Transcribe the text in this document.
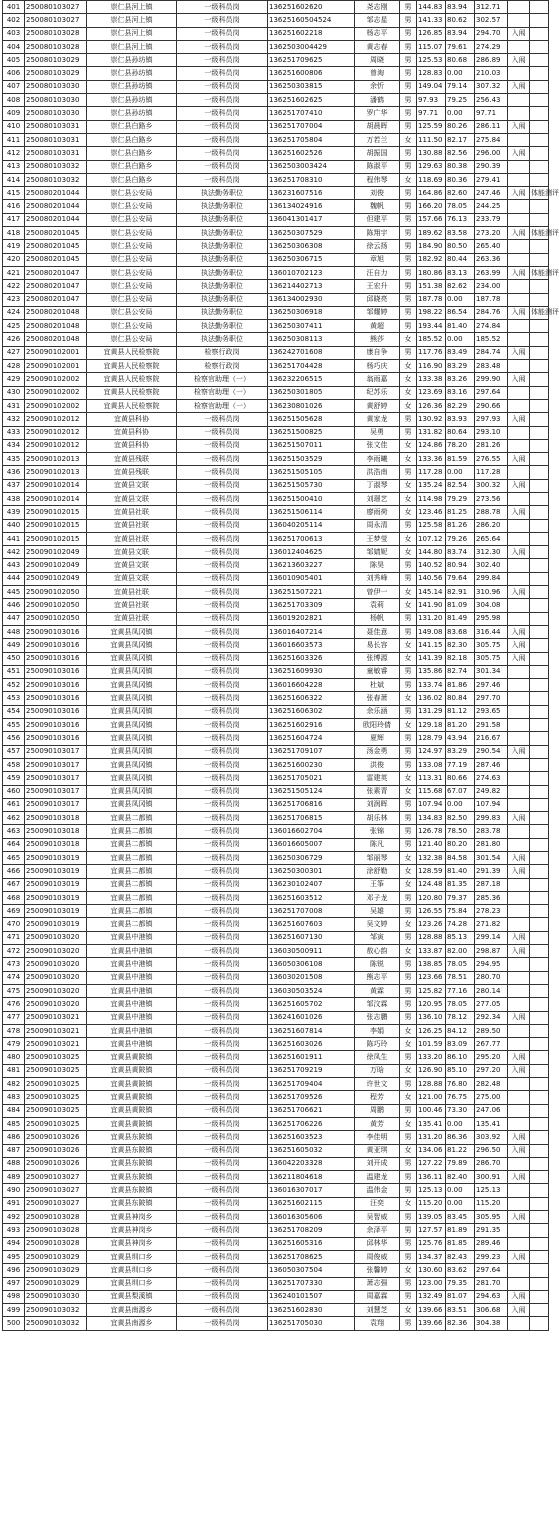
401	250080103027	崇仁县河上镇	一级科员岗	136251602620	尧志刚	男	144.83	83.94	312.71		
402	250080103027	崇仁县河上镇	一级科员岗	13625160504524	邹志星	男	141.33	80.62	302.57		
403	250080103028	崇仁县河上镇	一级科员岗	136251602218	杨志平	男	126.85	83.94	294.70	入闱	
404	250080103028	崇仁县河上镇	一级科员岗	1362503004429	黄志春	男	115.07	79.61	274.29		
405	250080103029	崇仁县孙坊镇	一级科员岗	136251709625	周晓	男	125.53	80.68	286.89	入闱	
406	250080103029	崇仁县孙坊镇	一级科员岗	136251600806	曾淘	男	128.83	0.00	210.03		
407	250080103030	崇仁县孙坊镇	一级科员岗	136250303815	余忻	男	149.04	79.14	307.32	入闱	
408	250080103030	崇仁县孙坊镇	一级科员岗	136251602625	潘鹤	男	97.93	79.25	256.43		
409	250080103030	崇仁县孙坊镇	一级科员岗	136251707410	罗广华	男	97.71	0.00	97.71		
410	250080103031	崇仁县白路乡	一级科员岗	136251707004	胡晨晖	男	125.59	80.26	286.11	入闱	
411	250080103031	崇仁县白路乡	一级科员岗	136251705804	万若兰	女	111.50	82.17	275.84		
412	250080103031	崇仁县白路乡	一级科员岗	136251602526	胡振国	男	130.88	82.56	296.00	入闱	
413	250080103032	崇仁县白路乡	一级科员岗	1362503003424	陈淑平	男	129.63	80.38	290.39		
414	250080103032	崇仁县白路乡	一级科员岗	136251708310	程伟琴	女	118.69	80.36	279.41		
415	250080201044	崇仁县公安局	执法勤务职位	136231607516	刘俊	男	164.86	82.60	247.46	入闱	体能测评
416	250080201044	崇仁县公安局	执法勤务职位	136134024916	魏帆	男	166.20	78.05	244.25		
417	250080201044	崇仁县公安局	执法勤务职位	136041301417	但建平	男	157.66	76.13	233.79		
418	250080201045	崇仁县公安局	执法勤务职位	136250307529	陈翔宇	男	189.62	83.58	273.20	入闱	体能测评
419	250080201045	崇仁县公安局	执法勤务职位	136250306308	徐云扬	男	184.90	80.50	265.40		
420	250080201045	崇仁县公安局	执法勤务职位	136250306715	章旭	男	182.92	80.44	263.36		
421	250080201047	崇仁县公安局	执法勤务职位	136010702123	汪自力	男	180.86	83.13	263.99	入闱	体能测评
422	250080201047	崇仁县公安局	执法勤务职位	136214402713	王宏升	男	151.38	82.62	234.00		
423	250080201047	崇仁县公安局	执法勤务职位	136134002930	邱晓亮	男	187.78	0.00	187.78		
424	250080201048	崇仁县公安局	执法勤务职位	136250306918	邹耀婷	男	198.22	86.54	284.76	入闱	体能测评
425	250080201048	崇仁县公安局	执法勤务职位	136250307411	黄超	男	193.44	81.40	274.84		
426	250080201048	崇仁县公安局	执法勤务职位	136250308113	熊莎	女	185.52	0.00	185.52		
427	250090102001	宜黄县人民检察院	检察行政岗	136242701608	康自争	男	117.76	83.49	284.74	入闱	
428	250090102001	宜黄县人民检察院	检察行政岗	136251704428	杨巧庆	女	116.90	83.29	283.48		
429	250090102002	宜黄县人民检察院	检察官助理（一）	136232206515	翁雨嘉	女	133.38	83.26	299.90	入闱	
430	250090102002	宜黄县人民检察院	检察官助理（一）	136250301805	纪苏乐	女	123.69	83.16	297.64		
431	250090102002	宜黄县人民检察院	检察官助理（一）	136230801026	黄舒婷	女	126.36	82.29	290.66		
432	250090102012	宜黄县科协	一级科员岗	136251505628	黄家龙	男	130.92	83.93	297.93	入闱	
433	250090102012	宜黄县科协	一级科员岗	136251500825	吴勇	男	131.82	80.64	293.10		
434	250090102012	宜黄县科协	一级科员岗	136251507011	张文佳	女	124.86	78.20	281.26		
435	250090102013	宜黄县残联	一级科员岗	136251503529	李雨曦	女	133.36	81.59	276.55	入闱	
436	250090102013	宜黄县残联	一级科员岗	136251505105	洪浩南	男	117.28	0.00	117.28		
437	250090102014	宜黄县文联	一级科员岗	136251505730	丁淑琴	女	135.24	82.54	300.32	入闱	
438	250090102014	宜黄县文联	一级科员岗	136251500410	刘璟艺	女	114.98	79.29	273.56		
439	250090102015	宜黄县社联	一级科员岗	136251506114	廖雨荷	女	123.46	81.25	288.78	入闱	
440	250090102015	宜黄县社联	一级科员岗	136040205114	周永清	男	125.58	81.26	286.20		
441	250090102015	宜黄县社联	一级科员岗	136251700613	王梦莹	女	107.12	79.26	265.64		
442	250090102049	宜黄县文联	一级科员岗	136012404625	邹婧妮	女	144.80	83.74	312.30	入闱	
443	250090102049	宜黄县文联	一级科员岗	136213603227	陈昊	男	140.52	80.94	302.40		
444	250090102049	宜黄县文联	一级科员岗	136010905401	刘秀峰	男	140.56	79.64	299.84		
445	250090102050	宜黄县社联	一级科员岗	136251507221	曾伊一	女	145.14	82.91	310.96	入闱	
446	250090102050	宜黄县社联	一级科员岗	136251703309	袁莉	女	141.90	81.09	304.08		
447	250090102050	宜黄县社联	一级科员岗	136019202821	杨帆	男	131.20	81.49	295.98		
448	250090103016	宜黄县凤冈镇	一级科员岗	136016407214	聂佳意	男	149.08	83.68	316.44	入闱	
449	250090103016	宜黄县凤冈镇	一级科员岗	136016603573	易长容	女	141.15	82.30	305.75	入闱	
450	250090103016	宜黄县凤冈镇	一级科员岗	136251603326	张博源	女	141.39	82.18	305.75	入闱	
451	250090103016	宜黄县凤冈镇	一级科员岗	136251609930	童敏睿	男	135.86	82.74	301.34		
452	250090103016	宜黄县凤冈镇	一级科员岗	136016604228	杜斌	男	133.74	81.86	297.46		
453	250090103016	宜黄县凤冈镇	一级科员岗	136251606322	张春萧	女	136.02	80.84	297.70		
454	250090103016	宜黄县凤冈镇	一级科员岗	136251606302	余乐涵	男	131.29	81.12	293.65		
455	250090103016	宜黄县凤冈镇	一级科员岗	136251602916	欧阳玲倩	女	129.18	81.20	291.58		
456	250090103016	宜黄县凤冈镇	一级科员岗	136251604724	夏辉	男	128.79	43.94	216.67		
457	250090103017	宜黄县凤冈镇	一级科员岗	136251709107	汤金勇	男	124.97	83.29	290.54	入闱	
458	250090103017	宜黄县凤冈镇	一级科员岗	136251600230	洪俊	男	133.08	77.19	287.46		
459	250090103017	宜黄县凤冈镇	一级科员岗	136251705021	雷建英	女	113.31	80.66	274.63		
460	250090103017	宜黄县凤冈镇	一级科员岗	136251505124	张素青	女	115.68	67.07	249.82		
461	250090103017	宜黄县凤冈镇	一级科员岗	136251706816	刘润晖	男	107.94	0.00	107.94		
462	250090103018	宜黄县二都镇	一级科员岗	136251706815	胡乐林	男	134.83	82.50	299.83	入闱	
463	250090103018	宜黄县二都镇	一级科员岗	136016602704	张锦	男	126.78	78.50	283.78		
464	250090103018	宜黄县二都镇	一级科员岗	136016605007	陈凡	男	121.40	80.20	281.80		
465	250090103019	宜黄县二都镇	一级科员岗	136250306729	邹丽琴	女	132.38	84.58	301.54	入闱	
466	250090103019	宜黄县二都镇	一级科员岗	136250300301	涂舒勒	女	128.59	81.40	291.39	入闱	
467	250090103019	宜黄县二都镇	一级科员岗	136230102407	王筝	女	124.48	81.35	287.18		
468	250090103019	宜黄县二都镇	一级科员岗	136251603512	邓子龙	男	120.80	79.37	285.36		
469	250090103019	宜黄县二都镇	一级科员岗	136251707008	吴雄	男	126.55	75.84	278.23		
470	250090103019	宜黄县二都镇	一级科员岗	136251607603	吴文婷	女	123.26	74.28	271.82		
471	250090103020	宜黄县中港镇	一级科员岗	136251607130	邹寅	男	128.88	85.13	299.14	入闱	
472	250090103020	宜黄县中港镇	一级科员岗	136030500911	敖心韵	女	133.87	82.00	298.87	入闱	
473	250090103020	宜黄县中港镇	一级科员岗	136050306108	陈锐	男	138.85	78.05	294.95		
474	250090103020	宜黄县中港镇	一级科员岗	136030201508	熊志平	男	123.66	78.51	280.70		
475	250090103020	宜黄县中港镇	一级科员岗	136030503524	黄霖	男	125.82	77.16	280.14		
476	250090103020	宜黄县中港镇	一级科员岗	136251605702	邹汶霖	男	120.95	78.05	277.05		
477	250090103021	宜黄县中港镇	一级科员岗	136241601026	张志鹏	男	136.10	78.12	292.34	入闱	
478	250090103021	宜黄县中港镇	一级科员岗	136251607814	李娟	女	126.25	84.12	289.50		
479	250090103021	宜黄县中港镇	一级科员岗	136251603026	陈巧玲	女	101.59	83.09	267.77		
480	250090103025	宜黄县黄陂镇	一级科员岗	136251601911	徐凤生	男	133.20	86.10	295.20	入闱	
481	250090103025	宜黄县黄陂镇	一级科员岗	136251709219	万晗	女	126.90	85.10	297.20	入闱	
482	250090103025	宜黄县黄陂镇	一级科员岗	136251709404	许世文	男	128.88	76.80	282.48		
483	250090103025	宜黄县黄陂镇	一级科员岗	136251709526	程芳	女	121.00	76.75	275.00		
484	250090103025	宜黄县黄陂镇	一级科员岗	136251706621	周鹏	男	100.46	73.30	247.06		
485	250090103025	宜黄县黄陂镇	一级科员岗	136251706226	黄芳	女	135.41	0.00	135.41		
486	250090103026	宜黄县东陂镇	一级科员岗	136251603523	李佳明	男	131.20	86.36	303.92	入闱	
487	250090103026	宜黄县东陂镇	一级科员岗	136251605032	黄亚琪	女	134.06	81.22	296.50	入闱	
488	250090103026	宜黄县东陂镇	一级科员岗	136042203328	刘开成	男	127.22	79.89	286.70		
489	250090103027	宜黄县东陂镇	一级科员岗	136211804618	温建龙	男	136.11	82.40	300.91	入闱	
490	250090103027	宜黄县东陂镇	一级科员岗	136016307017	温伟金	男	125.13	0.00	125.13		
491	250090103027	宜黄县东陂镇	一级科员岗	136251602115	汪奕	女	115.20	0.00	115.20		
492	250090103028	宜黄县神岗乡	一级科员岗	136016305606	吴智威	男	139.05	83.45	305.95	入闱	
493	250090103028	宜黄县神岗乡	一级科员岗	136251708209	余泽平	男	127.57	81.89	291.35		
494	250090103028	宜黄县神岗乡	一级科员岗	136251605316	邱林华	男	125.76	81.85	289.46		
495	250090103029	宜黄县圳口乡	一级科员岗	136251708625	周俊威	男	134.37	82.43	299.23	入闱	
496	250090103029	宜黄县圳口乡	一级科员岗	136050307504	张馨婷	女	130.60	83.62	297.64		
497	250090103029	宜黄县圳口乡	一级科员岗	136251707330	萧志强	男	123.00	79.35	281.70		
498	250090103030	宜黄县梨溪镇	一级科员岗	136240101507	周嘉霖	男	132.49	81.07	294.63	入闱	
499	250090103032	宜黄县南源乡	一级科员岗	136251602830	刘慧芝	女	139.66	83.51	306.68	入闱	
500	250090103032	宜黄县南源乡	一级科员岗	136251705030	袁翔	男	139.66	82.36	304.38		
